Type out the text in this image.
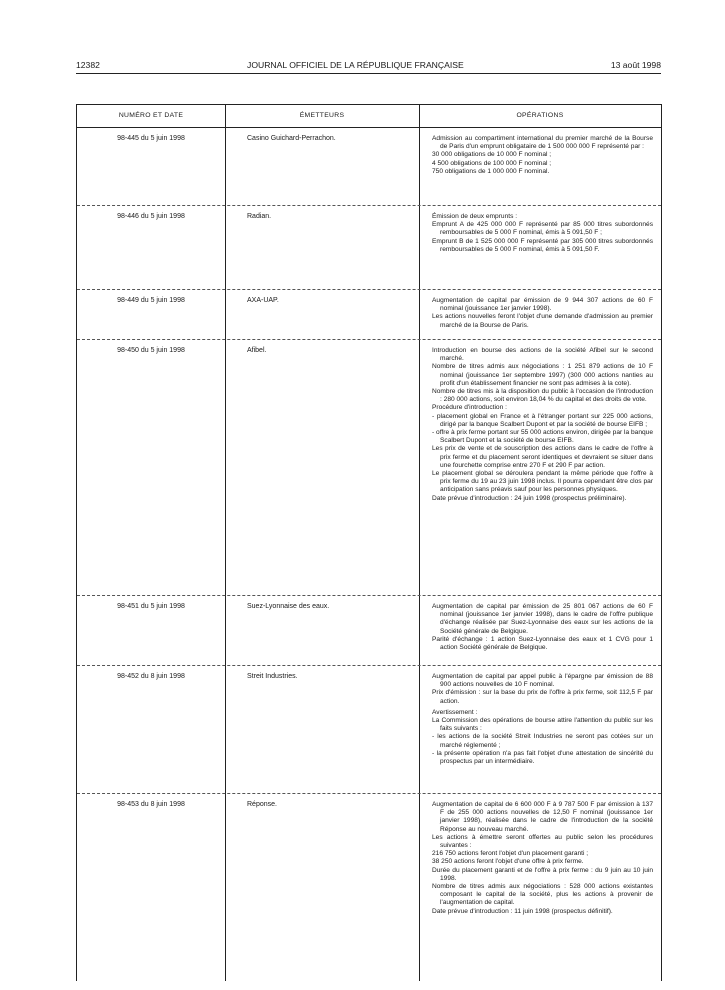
12382	JOURNAL OFFICIEL DE LA RÉPUBLIQUE FRANÇAISE	13 août 1998
NUMÉRO ET DATE	ÉMETTEURS	OPÉRATIONS
98-445 du 5 juin 1998	Casino Guichard-Perrachon.	Admission au compartiment international du premier marché de la Bourse de Paris d'un emprunt obligataire de 1 500 000 000 F représenté par :

30 000 obligations de 10 000 F nominal ;

4 500 obligations de 100 000 F nominal ;

750 obligations de 1 000 000 F nominal.

98-446 du 5 juin 1998	Radian.	Émission de deux emprunts :

Emprunt A de 425 000 000 F représenté par 85 000 titres subordonnés remboursables de 5 000 F nominal, émis à 5 091,50 F ;

Emprunt B de 1 525 000 000 F représenté par 305 000 titres subordonnés remboursables de 5 000 F nominal, émis à 5 091,50 F.

98-449 du 5 juin 1998	AXA-UAP.	Augmentation de capital par émission de 9 944 307 actions de 60 F nominal (jouissance 1er janvier 1998).

Les actions nouvelles feront l'objet d'une demande d'admission au premier marché de la Bourse de Paris.

98-450 du 5 juin 1998	Afibel.	Introduction en bourse des actions de la société Afibel sur le second marché.

Nombre de titres admis aux négociations : 1 251 879 actions de 10 F nominal (jouissance 1er septembre 1997) (300 000 actions nanties au profit d'un établissement financier ne sont pas admises à la cote).

Nombre de titres mis à la disposition du public à l'occasion de l'introduction : 280 000 actions, soit environ 18,04 % du capital et des droits de vote.

Procédure d'introduction :

- placement global en France et à l'étranger portant sur 225 000 actions, dirigé par la banque Scalbert Dupont et par la société de bourse EIFB ;

- offre à prix ferme portant sur 55 000 actions environ, dirigée par la banque Scalbert Dupont et la société de bourse EIFB.

Les prix de vente et de souscription des actions dans le cadre de l'offre à prix ferme et du placement seront identiques et devraient se situer dans une fourchette comprise entre 270 F et 290 F par action.

Le placement global se déroulera pendant la même période que l'offre à prix ferme du 19 au 23 juin 1998 inclus. Il pourra cependant être clos par anticipation sans préavis sauf pour les personnes physiques.

Date prévue d'introduction : 24 juin 1998 (prospectus préliminaire).

98-451 du 5 juin 1998	Suez-Lyonnaise des eaux.	Augmentation de capital par émission de 25 801 067 actions de 60 F nominal (jouissance 1er janvier 1998), dans le cadre de l'offre publique d'échange réalisée par Suez-Lyonnaise des eaux sur les actions de la Société générale de Belgique.

Parité d'échange : 1 action Suez-Lyonnaise des eaux et 1 CVG pour 1 action Société générale de Belgique.

98-452 du 8 juin 1998	Streit Industries.	Augmentation de capital par appel public à l'épargne par émission de 88 900 actions nouvelles de 10 F nominal.

Prix d'émission : sur la base du prix de l'offre à prix ferme, soit 112,5 F par action.

Avertissement :

La Commission des opérations de bourse attire l'attention du public sur les faits suivants :

- les actions de la société Streit Industries ne seront pas cotées sur un marché réglementé ;

- la présente opération n'a pas fait l'objet d'une attestation de sincérité du prospectus par un intermédiaire.

98-453 du 8 juin 1998	Réponse.	Augmentation de capital de 6 600 000 F à 9 787 500 F par émission à 137 F de 255 000 actions nouvelles de 12,50 F nominal (jouissance 1er janvier 1998), réalisée dans le cadre de l'introduction de la société Réponse au nouveau marché.

Les actions à émettre seront offertes au public selon les procédures suivantes :

216 750 actions feront l'objet d'un placement garanti ;

38 250 actions feront l'objet d'une offre à prix ferme.

Durée du placement garanti et de l'offre à prix ferme : du 9 juin au 10 juin 1998.

Nombre de titres admis aux négociations : 528 000 actions existantes composant le capital de la société, plus les actions à provenir de l'augmentation de capital.

Date prévue d'introduction : 11 juin 1998 (prospectus définitif).
